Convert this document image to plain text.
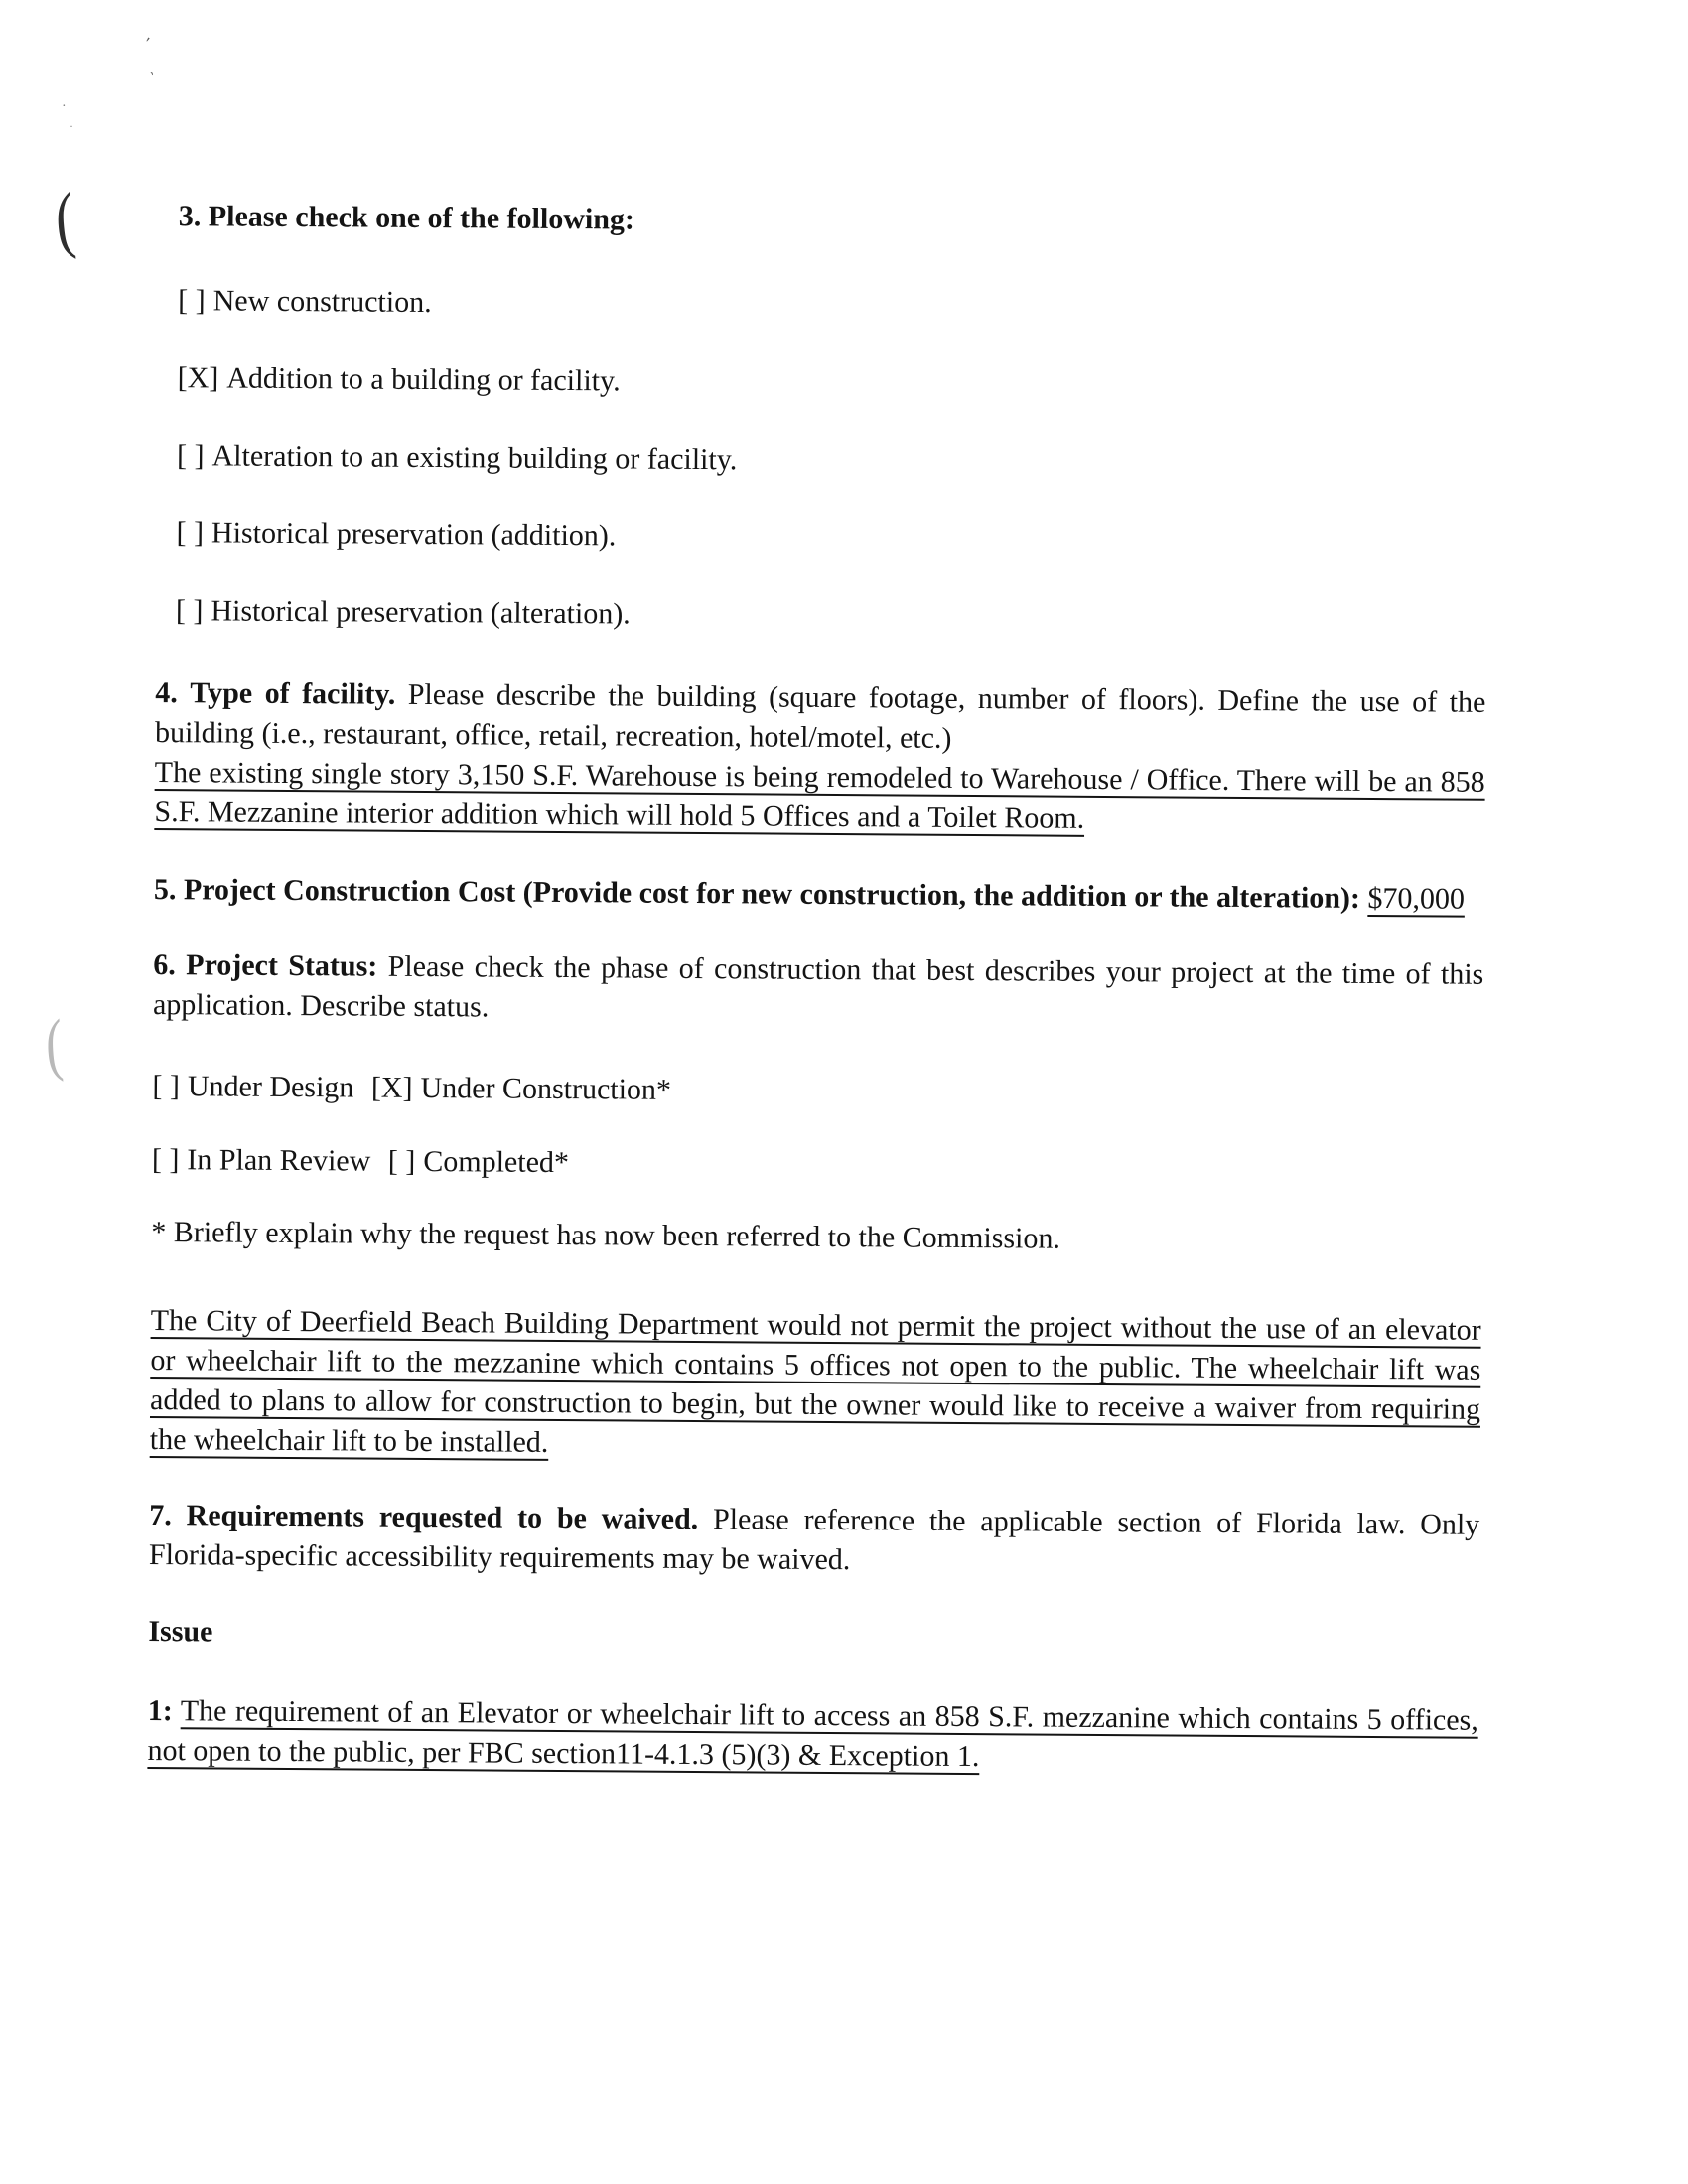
'
'
·
·
(
(
3. Please check one of the following:
[ ] New construction.
[X] Addition to a building or facility.
[ ] Alteration to an existing building or facility.
[ ] Historical preservation (addition).
[ ] Historical preservation (alteration).

4. Type of facility. Please describe the building (square footage, number of floors). Define the use of the building (i.e., restaurant, office, retail, recreation, hotel/motel, etc.)

The existing single story 3,150 S.F. Warehouse is being remodeled to Warehouse / Office. There will be an 858 S.F. Mezzanine interior addition which will hold 5 Offices and a Toilet Room.

5. Project Construction Cost (Provide cost for new construction, the addition or the alteration): $70,000

6. Project Status: Please check the phase of construction that best describes your project at the time of this application. Describe status.

[ ] Under Design [X] Under Construction*
[ ] In Plan Review [ ] Completed*
* Briefly explain why the request has now been referred to the Commission.
The City of Deerfield Beach Building Department would not permit the project without the use of an elevator or wheelchair lift to the mezzanine which contains 5 offices not open to the public. The wheelchair lift was added to plans to allow for construction to begin, but the owner would like to receive a waiver from requiring the wheelchair lift to be installed.

7. Requirements requested to be waived. Please reference the applicable section of Florida law. Only Florida-specific accessibility requirements may be waived.

Issue

1: The requirement of an Elevator or wheelchair lift to access an 858 S.F. mezzanine which contains 5 offices, not open to the public, per FBC section11-4.1.3 (5)(3) & Exception 1.
